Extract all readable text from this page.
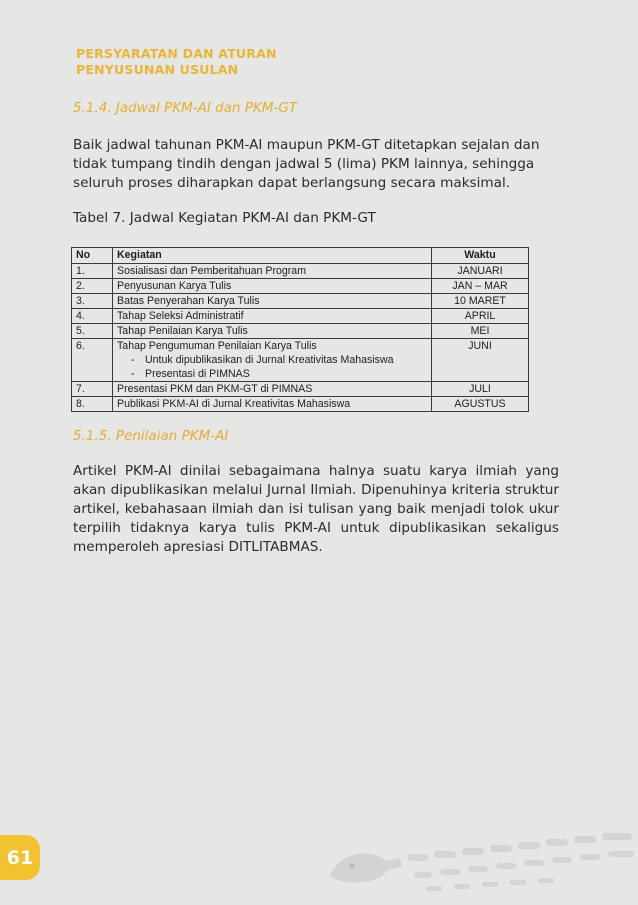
PERSYARATAN DAN ATURAN
PENYUSUNAN USULAN
5.1.4. Jadwal PKM-AI dan PKM-GT
Baik jadwal tahunan PKM-AI maupun PKM-GT ditetapkan sejalan dan tidak tumpang tindih dengan jadwal 5 (lima) PKM lainnya, sehingga seluruh proses diharapkan dapat berlangsung secara maksimal.
Tabel 7. Jadwal Kegiatan PKM-AI dan PKM-GT
No	Kegiatan	Waktu
1.	Sosialisasi dan Pemberitahuan Program	JANUARI
2.	Penyusunan Karya Tulis	JAN – MAR
3.	Batas Penyerahan Karya Tulis	10 MARET
4.	Tahap Seleksi Administratif	APRIL
5.	Tahap Penilaian Karya Tulis	MEI
6.	Tahap Pengumuman Penilaian Karya Tulis
- Untuk dipublikasikan di Jurnal Kreativitas Mahasiswa
- Presentasi di PIMNAS	JUNI
7.	Presentasi PKM dan PKM-GT di PIMNAS	JULI
8.	Publikasi PKM-AI di Jurnal Kreativitas Mahasiswa	AGUSTUS
5.1.5. Penilaian PKM-AI
Artikel PKM-AI dinilai sebagaimana halnya suatu karya ilmiah yang akan dipublikasikan melalui Jurnal Ilmiah. Dipenuhinya kriteria struktur artikel, kebahasaan ilmiah dan isi tulisan yang baik menjadi tolok ukur terpilih tidaknya karya tulis PKM-AI untuk dipublikasikan sekaligus memperoleh apresiasi DITLITABMAS.
61
